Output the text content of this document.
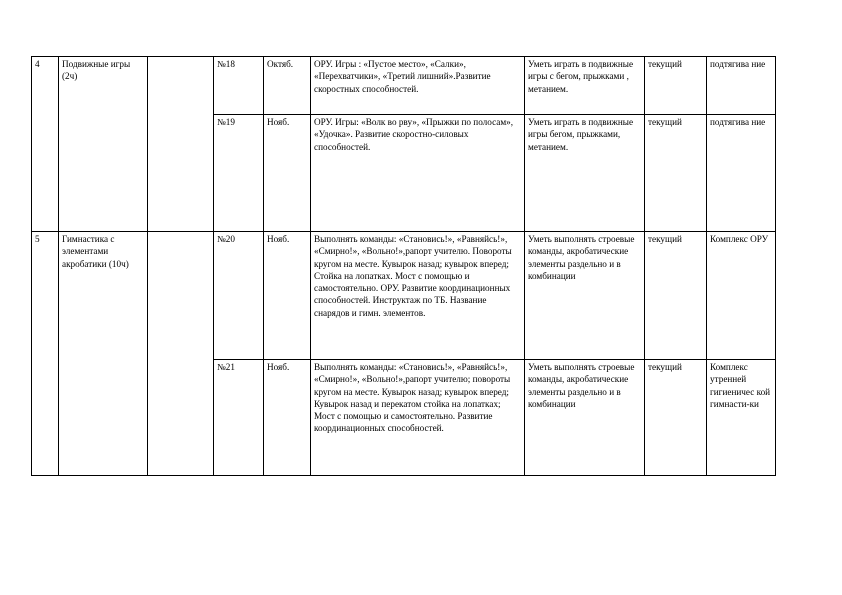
4	Подвижные игры (2ч)		№18	Октяб.	ОРУ. Игры : «Пустое место», «Салки», «Перехватчики», «Третий лишний».Развитие скоростных способностей.	Уметь играть в подвижные игры с бегом, прыжками , метанием.	текущий	подтягива ние
			№19	Нояб.	ОРУ. Игры: «Волк во рву», «Прыжки по полосам», «Удочка». Развитие скоростно-силовых способностей.	Уметь играть в подвижные игры бегом, прыжками, метанием.	текущий	подтягива ние
5	Гимнастика с элементами акробатики (10ч)		№20	Нояб.	Выполнять команды: «Становись!», «Равняйсь!», «Смирно!», «Вольно!»,рапорт учителю. Повороты кругом на месте. Кувырок назад; кувырок вперед; Стойка на лопатках. Мост с помощью и самостоятельно. ОРУ. Развитие координационных способностей. Инструктаж по ТБ. Название снарядов и гимн. элементов.	Уметь выполнять строевые команды, акробатические элементы раздельно и в комбинации	текущий	Комплекс ОРУ
			№21	Нояб.	Выполнять команды: «Становись!», «Равняйсь!», «Смирно!», «Вольно!»,рапорт учителю; повороты кругом на месте. Кувырок назад; кувырок вперед; Кувырок назад и перекатом стойка на лопатках; Мост с помощью и самостоятельно. Развитие координационных способностей.	Уметь выполнять строевые команды, акробатические элементы раздельно и в комбинации	текущий	Комплекс утренней гигиеничес кой гимнасти-ки
